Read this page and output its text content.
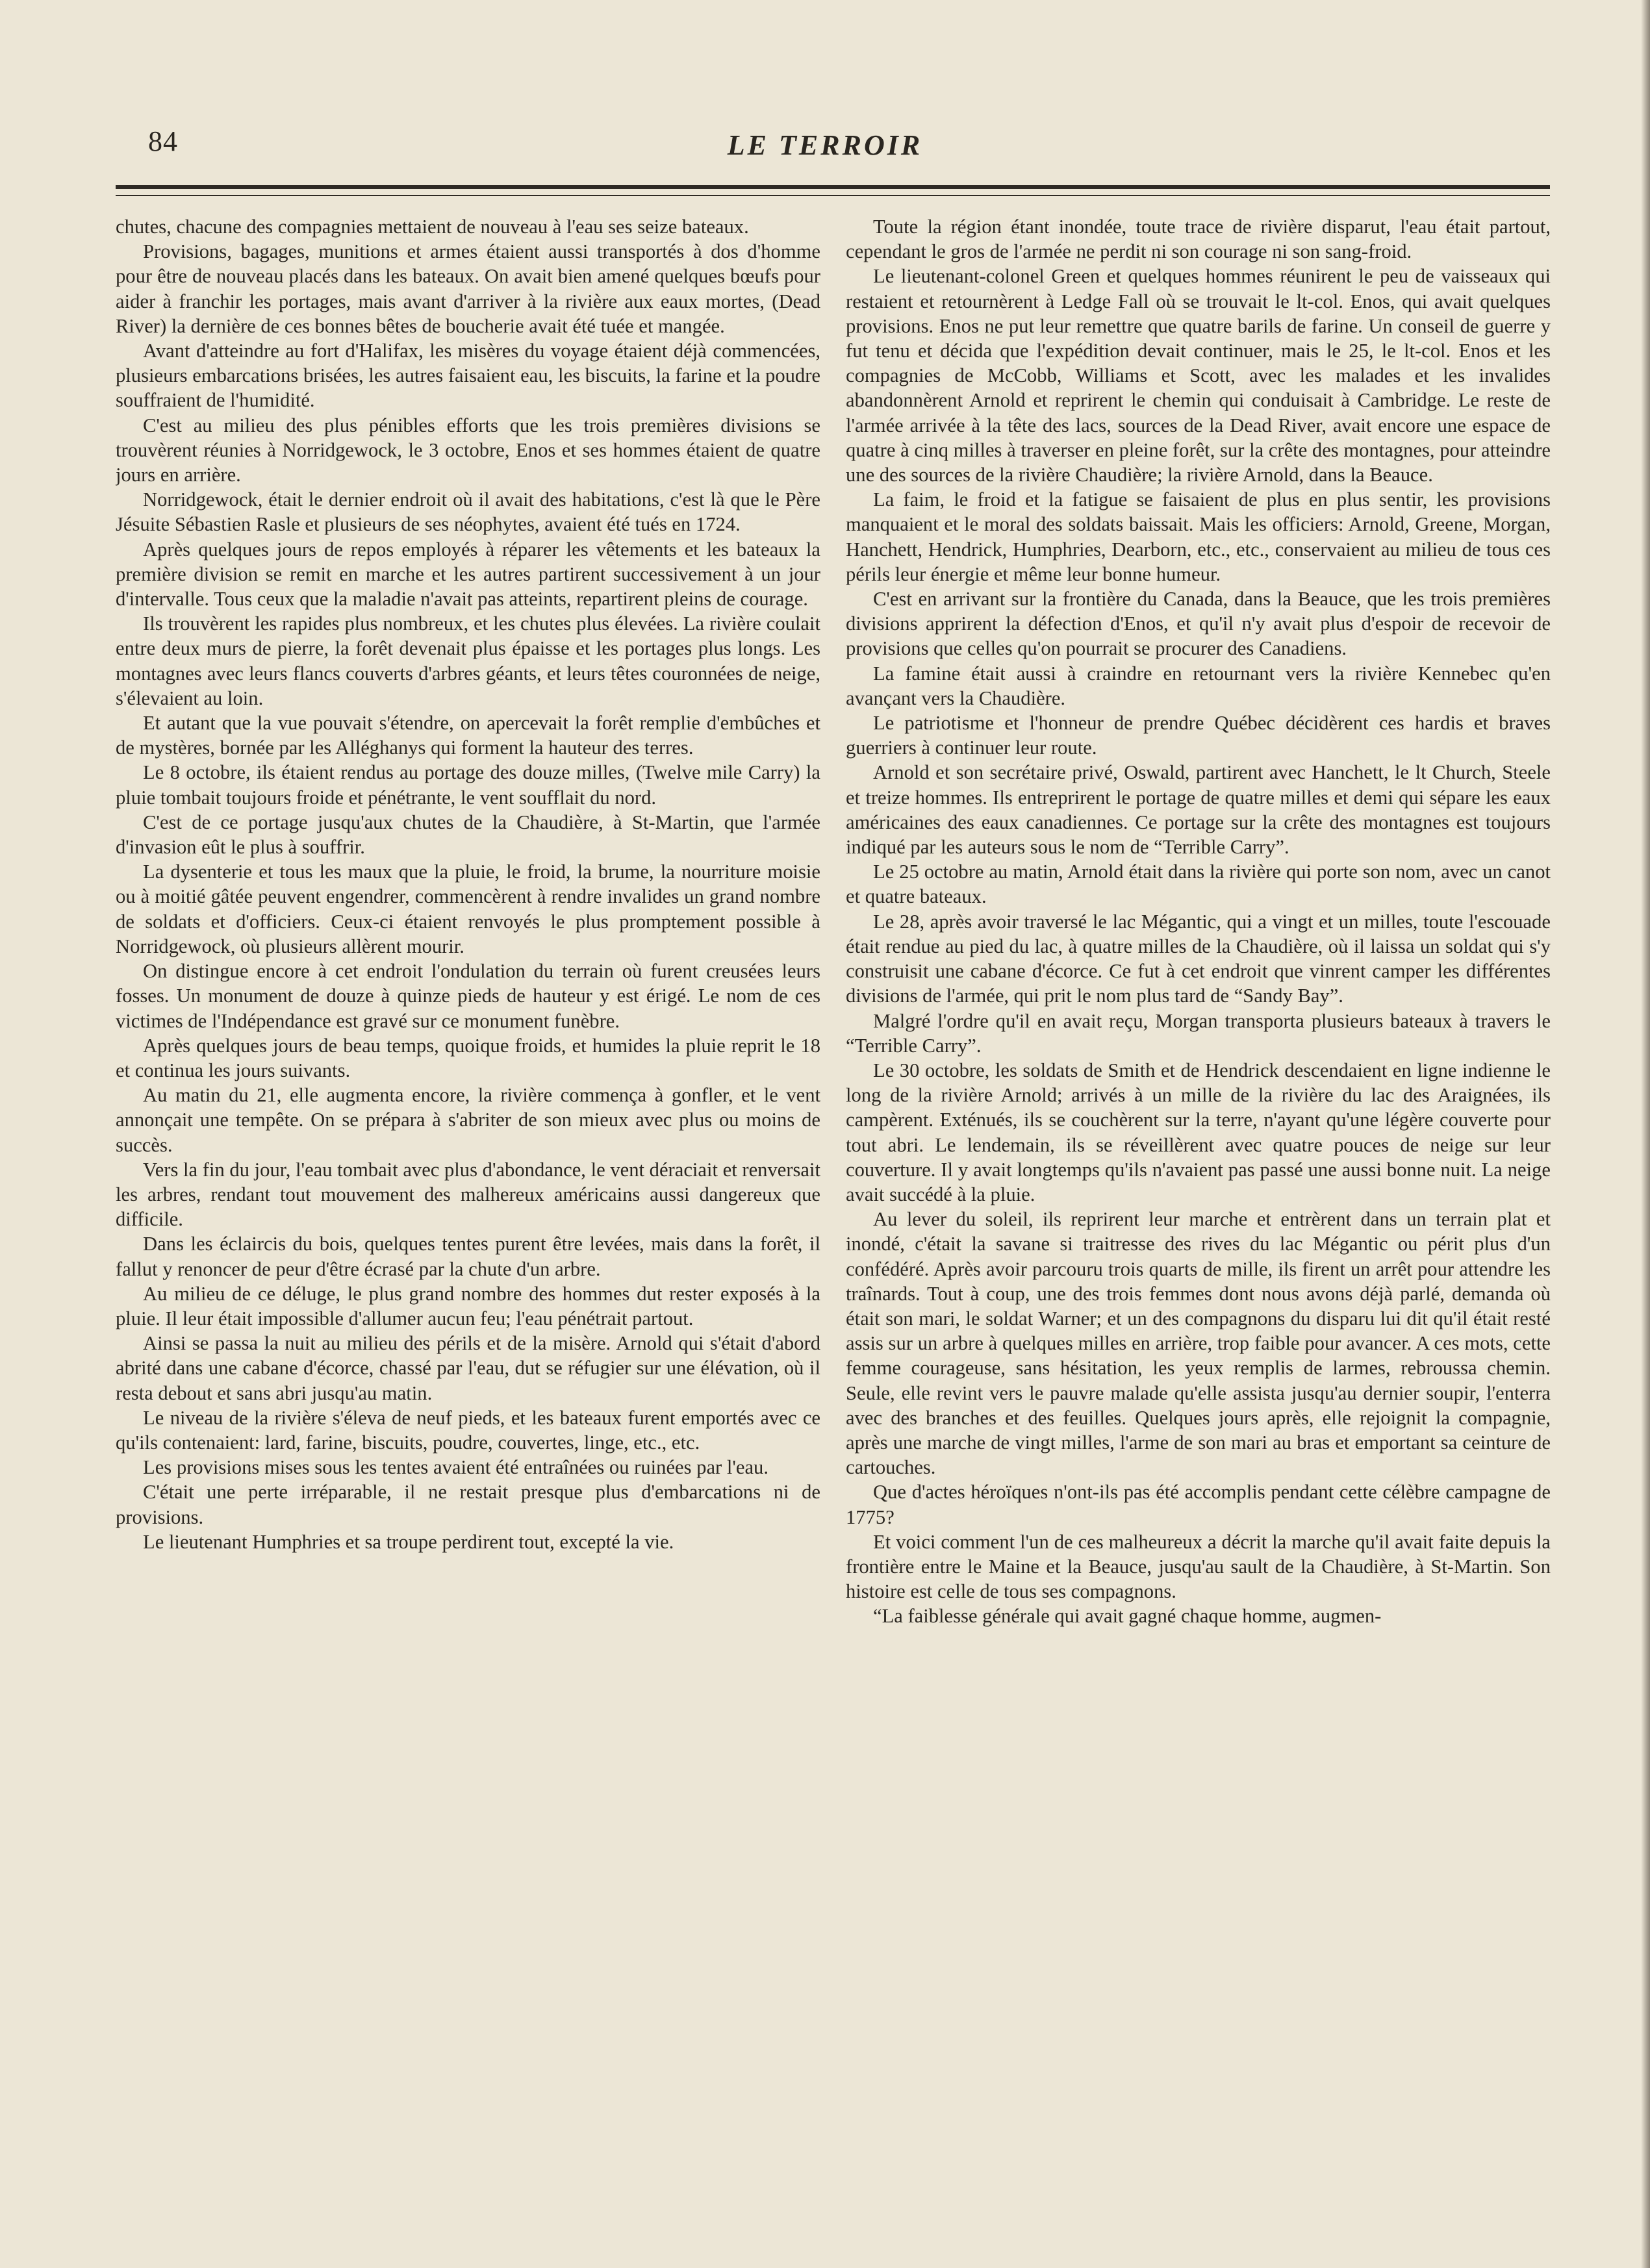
84	LE TERROIR

chutes, chacune des compagnies mettaient de nouveau à l'eau ses seize bateaux.

Provisions, bagages, munitions et armes étaient aussi transportés à dos d'homme pour être de nouveau placés dans les bateaux. On avait bien amené quelques bœufs pour aider à franchir les portages, mais avant d'arriver à la rivière aux eaux mortes, (Dead River) la dernière de ces bonnes bêtes de boucherie avait été tuée et mangée.

Avant d'atteindre au fort d'Halifax, les misères du voyage étaient déjà commencées, plusieurs embarcations brisées, les autres faisaient eau, les biscuits, la farine et la poudre souffraient de l'humidité.

C'est au milieu des plus pénibles efforts que les trois premières divisions se trouvèrent réunies à Norridgewock, le 3 octobre, Enos et ses hommes étaient de quatre jours en arrière.

Norridgewock, était le dernier endroit où il avait des habitations, c'est là que le Père Jésuite Sébastien Rasle et plusieurs de ses néophytes, avaient été tués en 1724.

Après quelques jours de repos employés à réparer les vêtements et les bateaux la première division se remit en marche et les autres partirent successivement à un jour d'intervalle. Tous ceux que la maladie n'avait pas atteints, repartirent pleins de courage.

Ils trouvèrent les rapides plus nombreux, et les chutes plus élevées. La rivière coulait entre deux murs de pierre, la forêt devenait plus épaisse et les portages plus longs. Les montagnes avec leurs flancs couverts d'arbres géants, et leurs têtes couronnées de neige, s'élevaient au loin.

Et autant que la vue pouvait s'étendre, on apercevait la forêt remplie d'embûches et de mystères, bornée par les Alléghanys qui forment la hauteur des terres.

Le 8 octobre, ils étaient rendus au portage des douze milles, (Twelve mile Carry) la pluie tombait toujours froide et pénétrante, le vent soufflait du nord.

C'est de ce portage jusqu'aux chutes de la Chaudière, à St-Martin, que l'armée d'invasion eût le plus à souffrir.

La dysenterie et tous les maux que la pluie, le froid, la brume, la nourriture moisie ou à moitié gâtée peuvent engendrer, commencèrent à rendre invalides un grand nombre de soldats et d'officiers. Ceux-ci étaient renvoyés le plus promptement possible à Norridgewock, où plusieurs allèrent mourir.

On distingue encore à cet endroit l'ondulation du terrain où furent creusées leurs fosses. Un monument de douze à quinze pieds de hauteur y est érigé. Le nom de ces victimes de l'Indépendance est gravé sur ce monument funèbre.

Après quelques jours de beau temps, quoique froids, et humides la pluie reprit le 18 et continua les jours suivants.

Au matin du 21, elle augmenta encore, la rivière commença à gonfler, et le vent annonçait une tempête. On se prépara à s'abriter de son mieux avec plus ou moins de succès.

Vers la fin du jour, l'eau tombait avec plus d'abondance, le vent déraciait et renversait les arbres, rendant tout mouvement des malhereux américains aussi dangereux que difficile.

Dans les éclaircis du bois, quelques tentes purent être levées, mais dans la forêt, il fallut y renoncer de peur d'être écrasé par la chute d'un arbre.

Au milieu de ce déluge, le plus grand nombre des hommes dut rester exposés à la pluie. Il leur était impossible d'allumer aucun feu; l'eau pénétrait partout.

Ainsi se passa la nuit au milieu des périls et de la misère. Arnold qui s'était d'abord abrité dans une cabane d'écorce, chassé par l'eau, dut se réfugier sur une élévation, où il resta debout et sans abri jusqu'au matin.

Le niveau de la rivière s'éleva de neuf pieds, et les bateaux furent emportés avec ce qu'ils contenaient: lard, farine, biscuits, poudre, couvertes, linge, etc., etc.

Les provisions mises sous les tentes avaient été entraînées ou ruinées par l'eau.

C'était une perte irréparable, il ne restait presque plus d'embarcations ni de provisions.

Le lieutenant Humphries et sa troupe perdirent tout, excepté la vie.

Toute la région étant inondée, toute trace de rivière disparut, l'eau était partout, cependant le gros de l'armée ne perdit ni son courage ni son sang-froid.

Le lieutenant-colonel Green et quelques hommes réunirent le peu de vaisseaux qui restaient et retournèrent à Ledge Fall où se trouvait le lt-col. Enos, qui avait quelques provisions. Enos ne put leur remettre que quatre barils de farine. Un conseil de guerre y fut tenu et décida que l'expédition devait continuer, mais le 25, le lt-col. Enos et les compagnies de McCobb, Williams et Scott, avec les malades et les invalides abandonnèrent Arnold et reprirent le chemin qui conduisait à Cambridge. Le reste de l'armée arrivée à la tête des lacs, sources de la Dead River, avait encore une espace de quatre à cinq milles à traverser en pleine forêt, sur la crête des montagnes, pour atteindre une des sources de la rivière Chaudière; la rivière Arnold, dans la Beauce.

La faim, le froid et la fatigue se faisaient de plus en plus sentir, les provisions manquaient et le moral des soldats baissait. Mais les officiers: Arnold, Greene, Morgan, Hanchett, Hendrick, Humphries, Dearborn, etc., etc., conservaient au milieu de tous ces périls leur énergie et même leur bonne humeur.

C'est en arrivant sur la frontière du Canada, dans la Beauce, que les trois premières divisions apprirent la défection d'Enos, et qu'il n'y avait plus d'espoir de recevoir de provisions que celles qu'on pourrait se procurer des Canadiens.

La famine était aussi à craindre en retournant vers la rivière Kennebec qu'en avançant vers la Chaudière.

Le patriotisme et l'honneur de prendre Québec décidèrent ces hardis et braves guerriers à continuer leur route.

Arnold et son secrétaire privé, Oswald, partirent avec Hanchett, le lt Church, Steele et treize hommes. Ils entreprirent le portage de quatre milles et demi qui sépare les eaux américaines des eaux canadiennes. Ce portage sur la crête des montagnes est toujours indiqué par les auteurs sous le nom de “Terrible Carry”.

Le 25 octobre au matin, Arnold était dans la rivière qui porte son nom, avec un canot et quatre bateaux.

Le 28, après avoir traversé le lac Mégantic, qui a vingt et un milles, toute l'escouade était rendue au pied du lac, à quatre milles de la Chaudière, où il laissa un soldat qui s'y construisit une cabane d'écorce. Ce fut à cet endroit que vinrent camper les différentes divisions de l'armée, qui prit le nom plus tard de “Sandy Bay”.

Malgré l'ordre qu'il en avait reçu, Morgan transporta plusieurs bateaux à travers le “Terrible Carry”.

Le 30 octobre, les soldats de Smith et de Hendrick descendaient en ligne indienne le long de la rivière Arnold; arrivés à un mille de la rivière du lac des Araignées, ils campèrent. Exténués, ils se couchèrent sur la terre, n'ayant qu'une légère couverte pour tout abri. Le lendemain, ils se réveillèrent avec quatre pouces de neige sur leur couverture. Il y avait longtemps qu'ils n'avaient pas passé une aussi bonne nuit. La neige avait succédé à la pluie.

Au lever du soleil, ils reprirent leur marche et entrèrent dans un terrain plat et inondé, c'était la savane si traitresse des rives du lac Mégantic ou périt plus d'un confédéré. Après avoir parcouru trois quarts de mille, ils firent un arrêt pour attendre les traînards. Tout à coup, une des trois femmes dont nous avons déjà parlé, demanda où était son mari, le soldat Warner; et un des compagnons du disparu lui dit qu'il était resté assis sur un arbre à quelques milles en arrière, trop faible pour avancer. A ces mots, cette femme courageuse, sans hésitation, les yeux remplis de larmes, rebroussa chemin. Seule, elle revint vers le pauvre malade qu'elle assista jusqu'au dernier soupir, l'enterra avec des branches et des feuilles. Quelques jours après, elle rejoignit la compagnie, après une marche de vingt milles, l'arme de son mari au bras et emportant sa ceinture de cartouches.

Que d'actes héroïques n'ont-ils pas été accomplis pendant cette célèbre campagne de 1775?

Et voici comment l'un de ces malheureux a décrit la marche qu'il avait faite depuis la frontière entre le Maine et la Beauce, jusqu'au sault de la Chaudière, à St-Martin. Son histoire est celle de tous ses compagnons.

“La faiblesse générale qui avait gagné chaque homme, augmen-
